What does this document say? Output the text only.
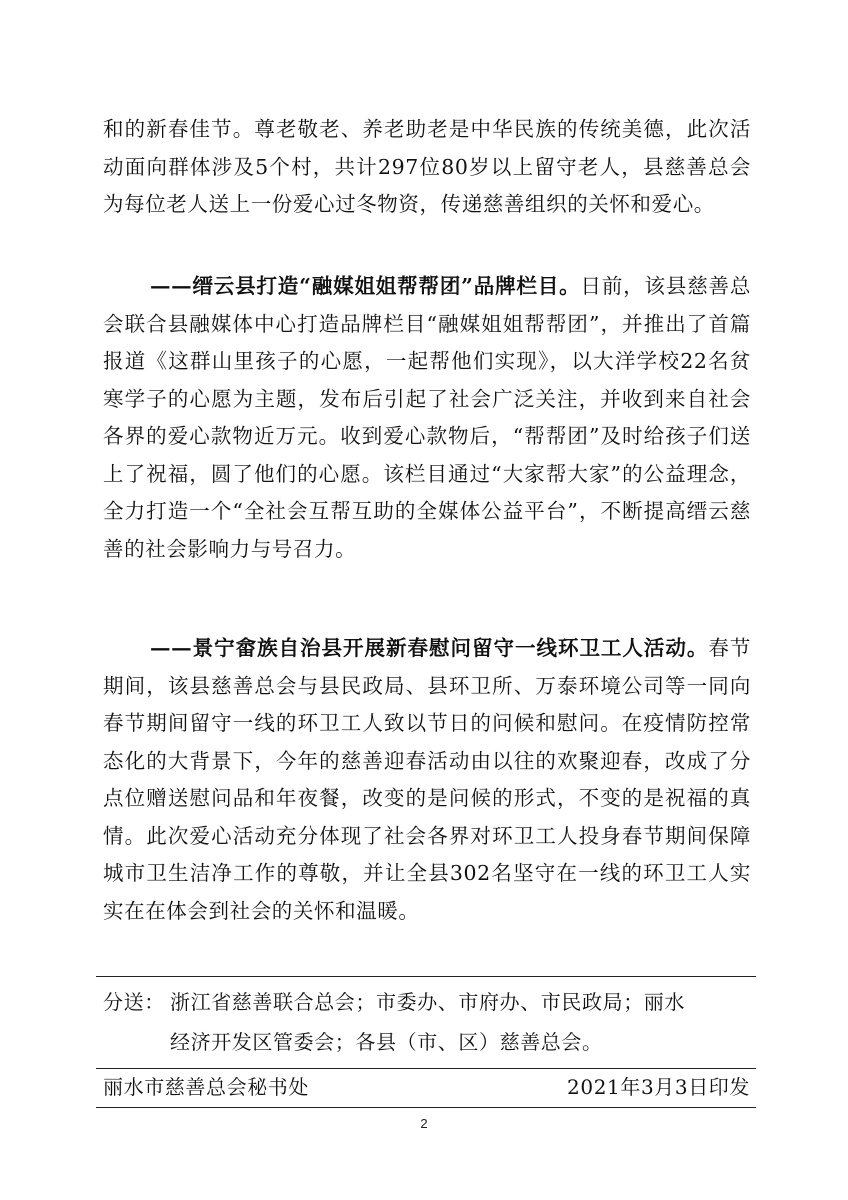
和的新春佳节。尊老敬老、养老助老是中华民族的传统美德，此次活动面向群体涉及5个村，共计297位80岁以上留守老人，县慈善总会为每位老人送上一份爱心过冬物资，传递慈善组织的关怀和爱心。

——缙云县打造“融媒姐姐帮帮团”品牌栏目。日前，该县慈善总会联合县融媒体中心打造品牌栏目“融媒姐姐帮帮团”，并推出了首篇报道《这群山里孩子的心愿，一起帮他们实现》，以大洋学校22名贫寒学子的心愿为主题，发布后引起了社会广泛关注，并收到来自社会各界的爱心款物近万元。收到爱心款物后，“帮帮团”及时给孩子们送上了祝福，圆了他们的心愿。该栏目通过“大家帮大家”的公益理念，全力打造一个“全社会互帮互助的全媒体公益平台”，不断提高缙云慈善的社会影响力与号召力。

——景宁畲族自治县开展新春慰问留守一线环卫工人活动。春节期间，该县慈善总会与县民政局、县环卫所、万泰环境公司等一同向春节期间留守一线的环卫工人致以节日的问候和慰问。在疫情防控常态化的大背景下，今年的慈善迎春活动由以往的欢聚迎春，改成了分点位赠送慰问品和年夜餐，改变的是问候的形式，不变的是祝福的真情。此次爱心活动充分体现了社会各界对环卫工人投身春节期间保障城市卫生洁净工作的尊敬，并让全县302名坚守在一线的环卫工人实实在在体会到社会的关怀和温暖。

分送： 浙江省慈善联合总会；市委办、市府办、市民政局；丽水
经济开发区管委会；各县（市、区）慈善总会。
丽水市慈善总会秘书处	2021年3月3日印发
2
